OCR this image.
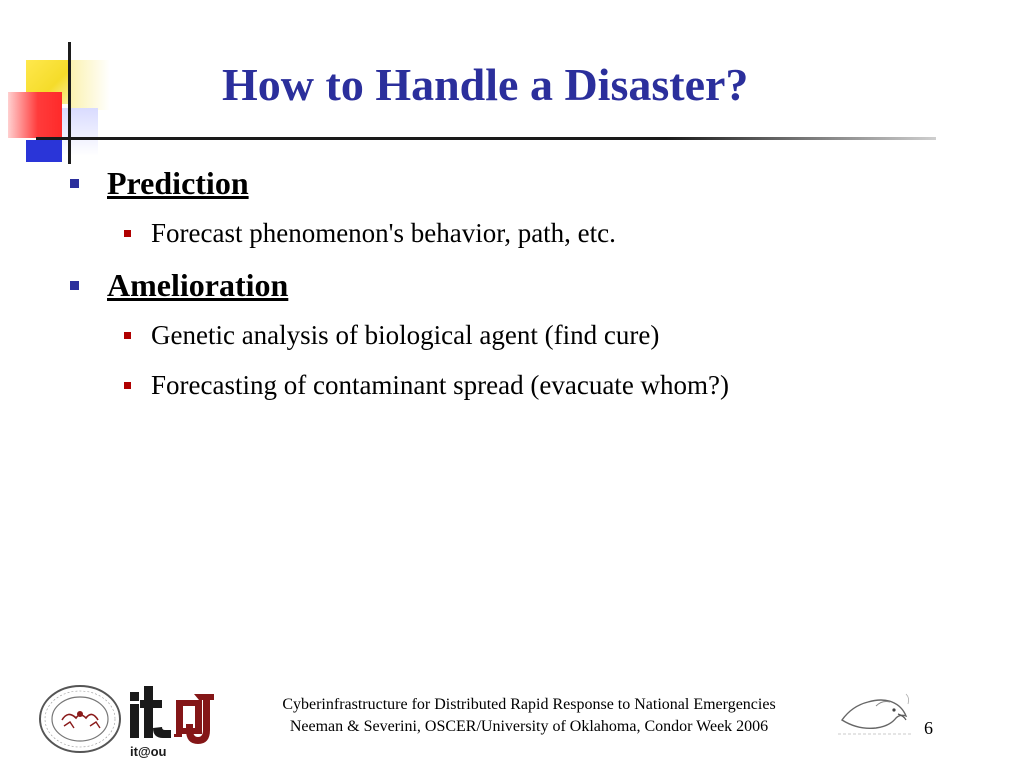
How to Handle a Disaster?
Prediction
Forecast phenomenon's behavior, path, etc.
Amelioration
Genetic analysis of biological agent (find cure)
Forecasting of contaminant spread (evacuate whom?)
it@ou
Cyberinfrastructure for Distributed Rapid Response to National Emergencies
Neeman & Severini, OSCER/University of Oklahoma, Condor Week 2006	6
